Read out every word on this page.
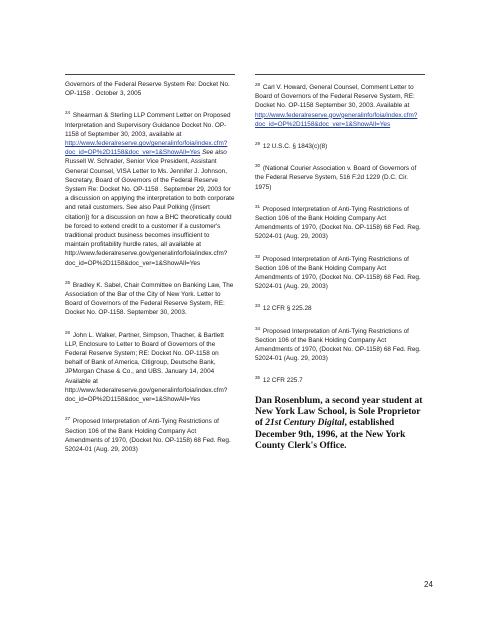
Governors of the Federal Reserve System Re: Docket No. OP-1158 . October 3, 2005

$^{24}$ Shearman & Sterling LLP Comment Letter on Proposed Interpretation and Supervisory Guidance Docket No. OP-1158 of September 30, 2003, available at http://www.federalreserve.gov/generalinfo/foia/index.cfm?doc_id=OP%2D1158&doc_ver=1&ShowAll=Yes See also Russell W. Schrader, Senior Vice President, Assistant General Counsel, VISA Letter to Ms. Jennifer J. Johnson, Secretary, Board of Governors of the Federal Reserve System Re: Docket No. OP-1158 . September 29, 2003 for a discussion on applying the interpretation to both corporate and retail customers. See also Paul Polking ({insert citation}) for a discussion on how a BHC theoretically could be forced to extend credit to a customer if a customer's traditional product business becomes insufficient to maintain profitability hurdle rates, all available at http://www.federalreserve.gov/generalinfo/foia/index.cfm?doc_id=OP%2D1158&doc_ver=1&ShowAll=Yes

$^{25}$ Bradley K. Sabel, Chair Committee on Banking Law, The Association of the Bar of the City of New York. Letter to Board of Governors of the Federal Reserve System, RE: Docket No. OP-1158. September 30, 2003.

$^{26}$ John L. Walker, Partner, Simpson, Thacher, & Bartlett LLP, Enclosure to Letter to Board of Governors of the Federal Reserve System; RE: Docket No. OP-1158 on behalf of Bank of America, Citigroup, Deutsche Bank, JPMorgan Chase & Co., and UBS. January 14, 2004 Available at http://www.federalreserve.gov/generalinfo/foia/index.cfm?doc_id=OP%2D1158&doc_ver=1&ShowAll=Yes

$^{27}$ Proposed Interpretation of Anti-Tying Restrictions of Section 106 of the Bank Holding Company Act Amendments of 1970, (Docket No. OP-1158) 68 Fed. Reg. 52024-01 (Aug. 29, 2003)

$^{28}$ Carl V. Howard, General Counsel, Comment Letter to Board of Governors of the Federal Reserve System, RE: Docket No. OP-1158 September 30, 2003. Available at http://www.federalreserve.gov/generalinfo/foia/index.cfm?doc_id=OP%2D1158&doc_ver=1&ShowAll=Yes

$^{29}$ 12 U.S.C. § 1843(c)(8)

$^{30}$ (National Courier Association v. Board of Governors of the Federal Reserve System, 516 F.2d 1229 (D.C. Cir. 1975)

$^{31}$ Proposed Interpretation of Anti-Tying Restrictions of Section 106 of the Bank Holding Company Act Amendments of 1970, (Docket No. OP-1158) 68 Fed. Reg. 52024-01 (Aug. 29, 2003)

$^{32}$ Proposed Interpretation of Anti-Tying Restrictions of Section 106 of the Bank Holding Company Act Amendments of 1970, (Docket No. OP-1158) 68 Fed. Reg. 52024-01 (Aug. 29, 2003)

$^{33}$ 12 CFR § 225.28

$^{34}$ Proposed Interpretation of Anti-Tying Restrictions of Section 106 of the Bank Holding Company Act Amendments of 1970, (Docket No. OP-1158) 68 Fed. Reg. 52024-01 (Aug. 29, 2003)

$^{35}$ 12 CFR 225.7

Dan Rosenblum, a second year student at New York Law School, is Sole Proprietor of 21st Century Digital, established December 9th, 1996, at the New York County Clerk's Office.
24
